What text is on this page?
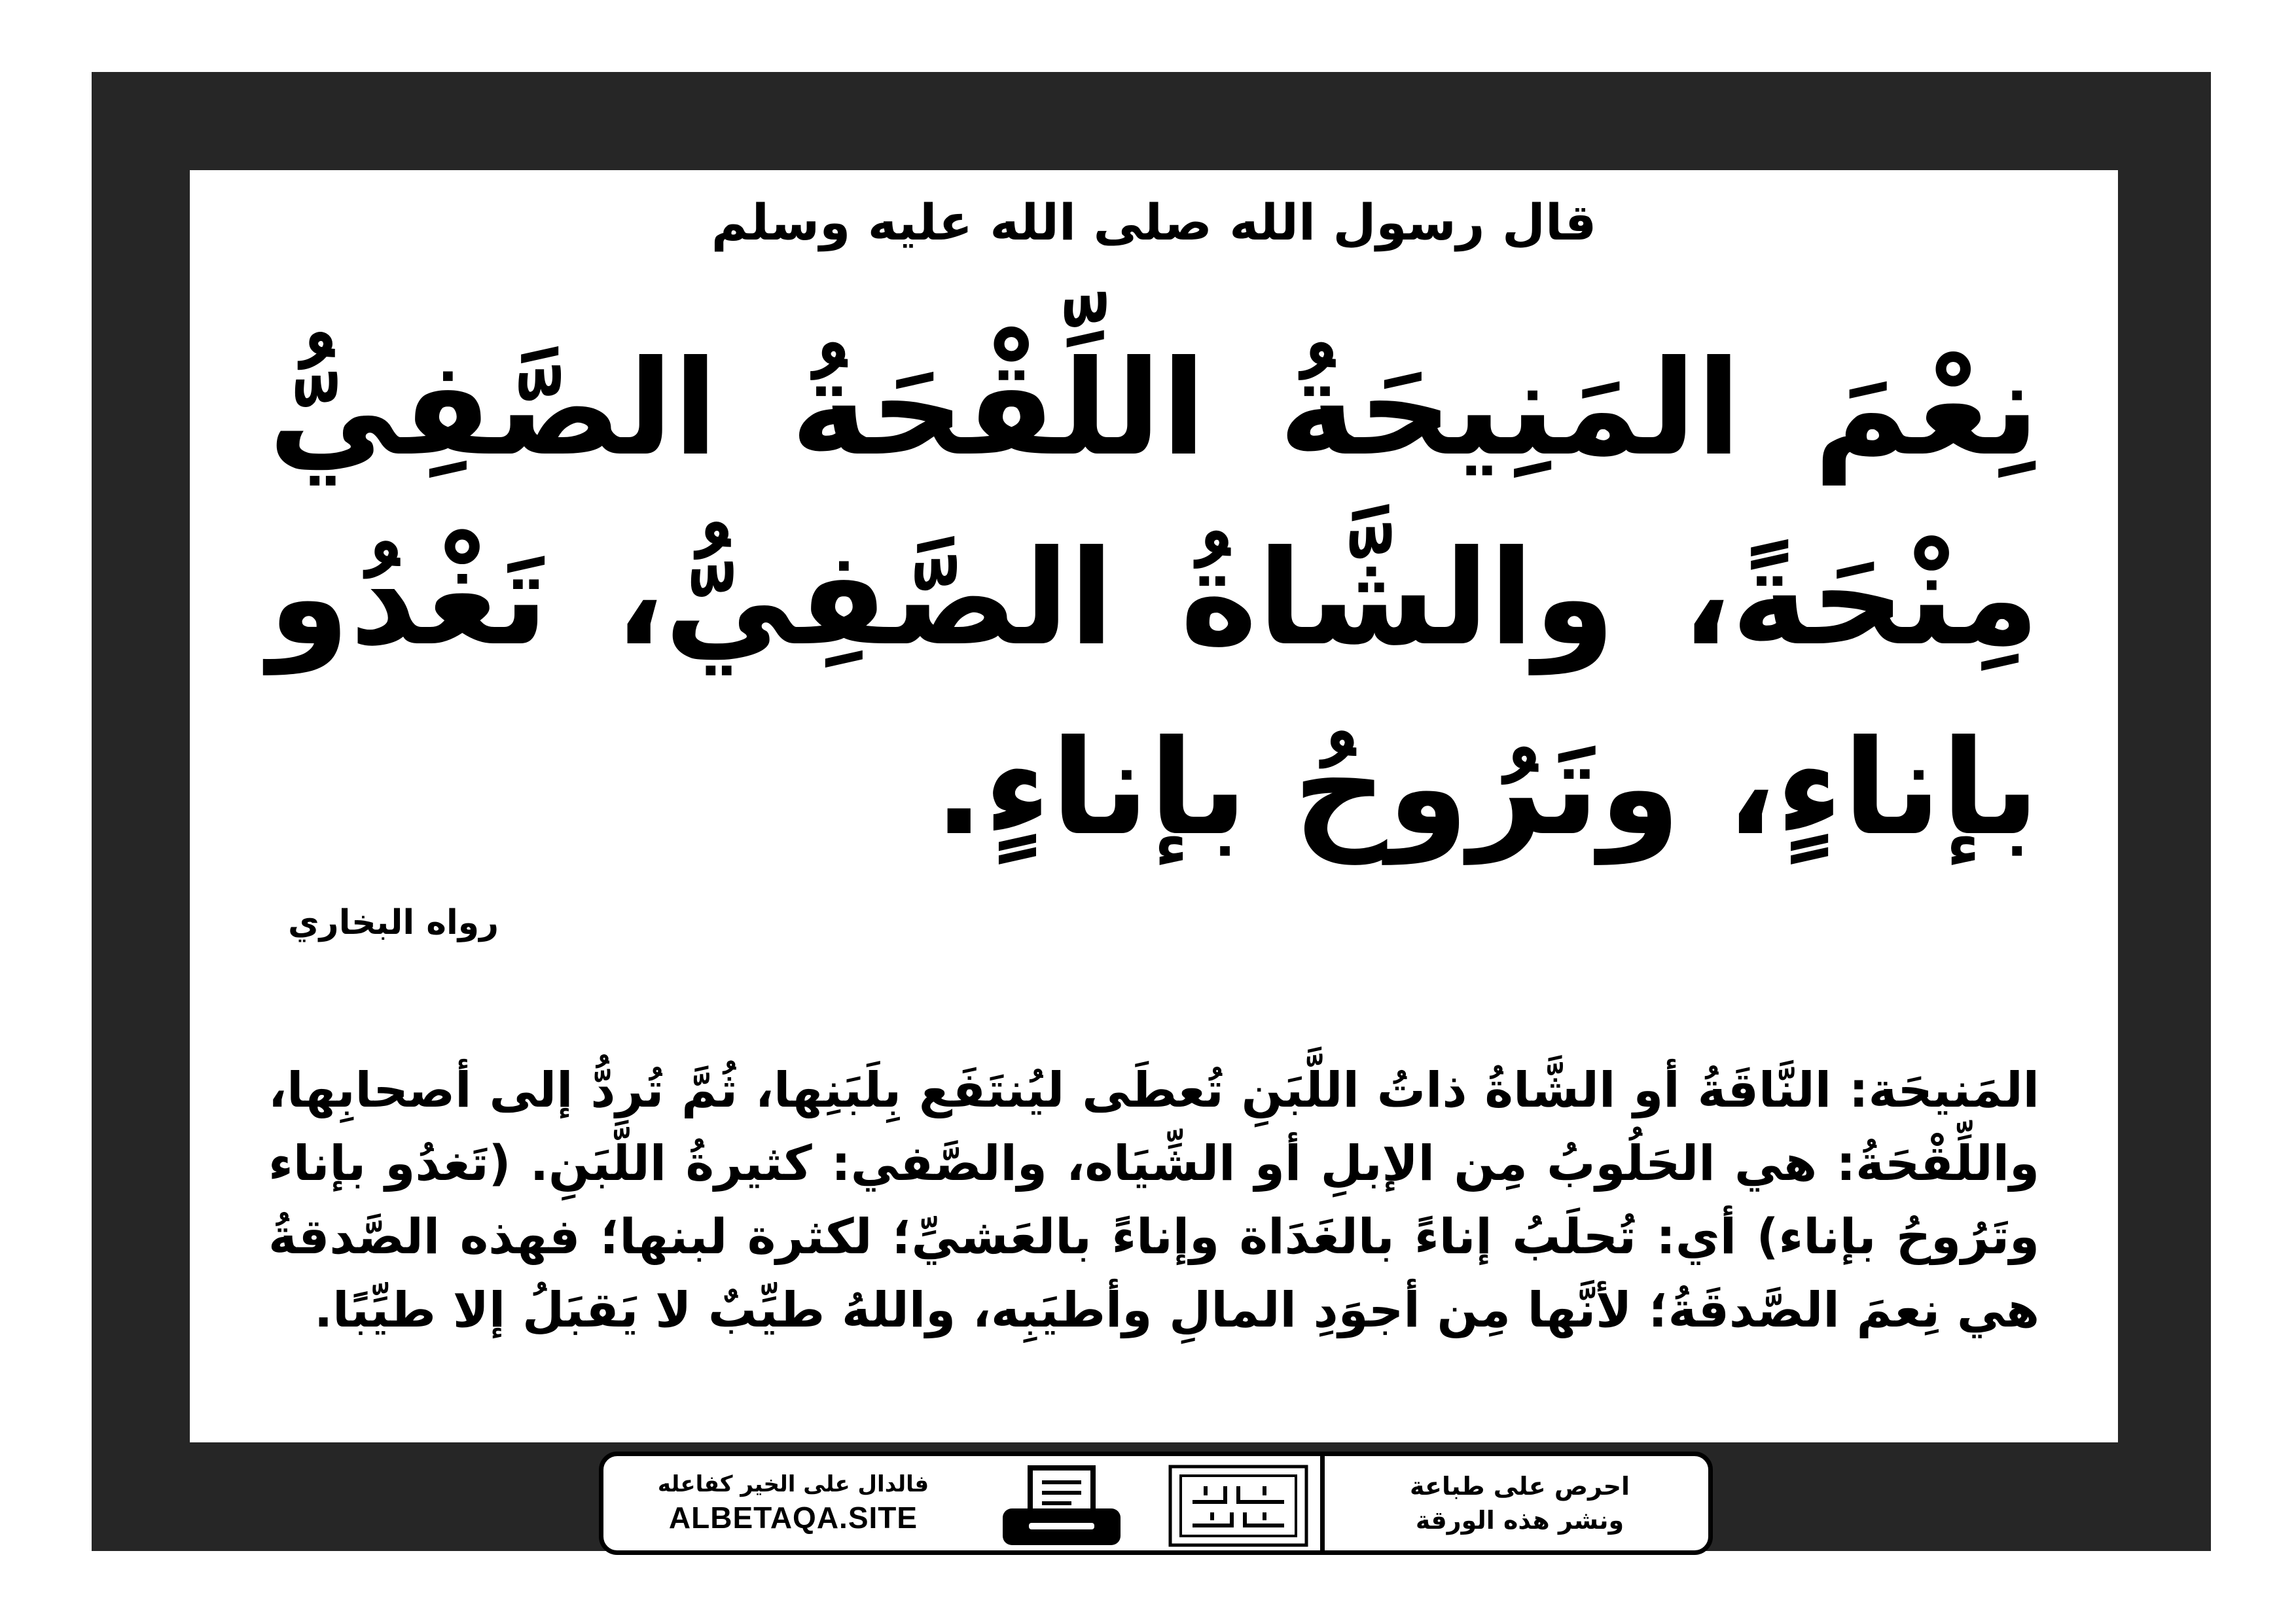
قال رسول الله صلى الله عليه وسلم
نِعْمَ المَنِيحَةُ اللِّقْحَةُ الصَّفِيُّ مِنْحَةً، والشَّاةُ الصَّفِيُّ، تَغْدُو بإناءٍ، وتَرُوحُ بإناءٍ.
رواه البخاري
المَنيحَة: النَّاقَةُ أو الشَّاةُ ذاتُ اللَّبَنِ تُعطَى ليُنتَفَع بِلَبَنِها، ثُمَّ تُردُّ إلى أصحابِها، واللِّقْحَةُ: هي الحَلُوبُ مِن الإبلِ أو الشِّيَاه، والصَّفي: كثيرةُ اللَّبَنِ. (تَغدُو بإناء وتَرُوحُ بإناء) أي: تُحلَبُ إناءً بالغَدَاة وإناءً بالعَشيِّ؛ لكثرة لبنها؛ فهذه الصَّدقةُ هي نِعمَ الصَّدقَةُ؛ لأنَّها مِن أجوَدِ المالِ وأطيَبِه، واللهُ طيِّبٌ لا يَقبَلُ إلا طيِّبًا.
فالدال على الخير كفاعله
ALBETAQA.SITE
احرص على طباعة
ونشر هذه الورقة
